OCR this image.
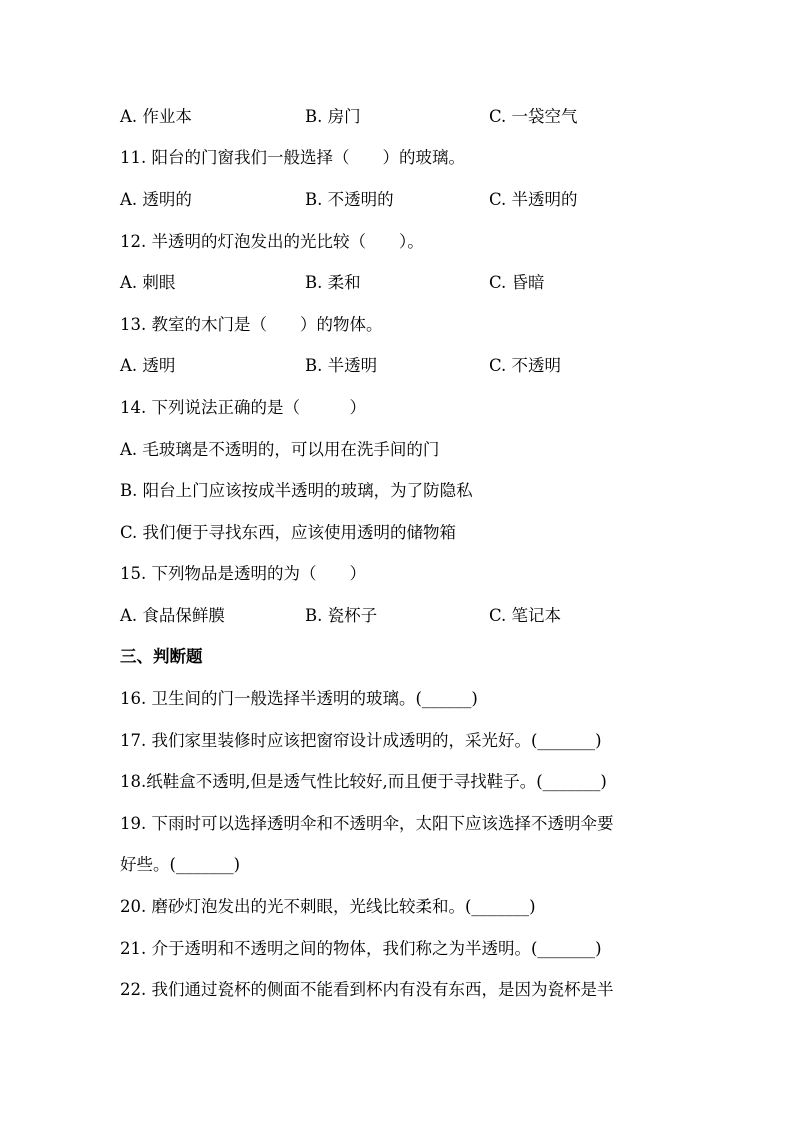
A. 作业本	B. 房门	C. 一袋空气
11. 阳台的门窗我们一般选择（　　）的玻璃。
A. 透明的	B. 不透明的	C. 半透明的
12. 半透明的灯泡发出的光比较（　　）。
A. 刺眼	B. 柔和	C. 昏暗
13. 教室的木门是（　　）的物体。
A. 透明	B. 半透明	C. 不透明
14. 下列说法正确的是（　　　）
A. 毛玻璃是不透明的，可以用在洗手间的门
B. 阳台上门应该按成半透明的玻璃，为了防隐私
C. 我们便于寻找东西，应该使用透明的储物箱
15. 下列物品是透明的为（　　）
A. 食品保鲜膜	B. 瓷杯子	C. 笔记本
三、判断题
16. 卫生间的门一般选择半透明的玻璃。(______)
17. 我们家里装修时应该把窗帘设计成透明的，采光好。(_______)
18.纸鞋盒不透明,但是透气性比较好,而且便于寻找鞋子。(_______)
19. 下雨时可以选择透明伞和不透明伞，太阳下应该选择不透明伞要
好些。(_______)
20. 磨砂灯泡发出的光不刺眼，光线比较柔和。(_______)
21. 介于透明和不透明之间的物体，我们称之为半透明。(_______)
22. 我们通过瓷杯的侧面不能看到杯内有没有东西，是因为瓷杯是半
